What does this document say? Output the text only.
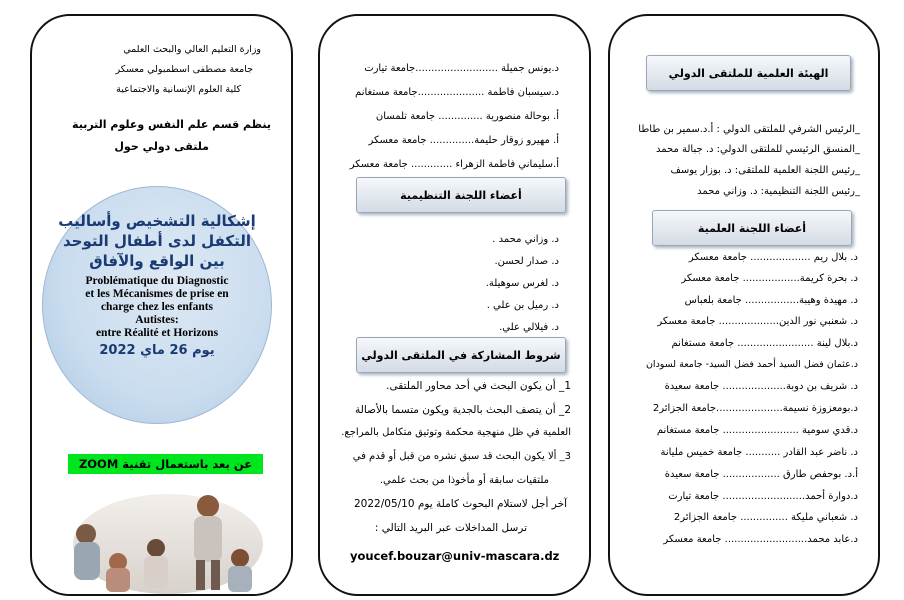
وزارة التعليم العالي والبحث العلمي
جامعة مصطفى اسطمبولي معسكر
كلية العلوم الإنسانية والاجتماعية
ينظم قسم علم النفس وعلوم التربية
ملتقى دولي حول
إشكالية التشخيص وأساليب
التكفل لدى أطفال التوحد
بين الواقع والآفاق
Problématique du Diagnostic
et les Mécanismes de prise en
charge chez les enfants
Autistes:
entre Réalité et Horizons
يوم 26 ماي 2022
عن بعد باستعمال تقنية ZOOM
د.يونس جميلة ..........................جامعة تيارت
د.سيسبان فاطمة .....................جامعة مستغانم
أ. بوحالة منصورية .............. جامعة تلمسان
أ. مهيرو زوقار حليمة.............. جامعة معسكر
أ.سليماني فاطمة الزهراء ............. جامعة معسكر
أعضاء اللجنة التنظيمية
د. وزاني محمد .
د. صدار لحسن.
د. لغرس سوهيلة.
د. رميل بن علي .
د. فيلالي علي.
شروط المشاركة في الملتقى الدولي
1_ أن يكون البحث في أحد محاور الملتقى.
2_ أن يتصف البحث بالجدية ويكون متسما بالأصالة
العلمية في ظل منهجية محكمة وتوثيق متكامل بالمراجع.
3_ ألا يكون البحث قد سبق نشره من قبل أو قدم في
ملتقيات سابقة أو مأخوذا من بحث علمي.
آخر أجل لاستلام البحوث كاملة يوم 2022/05/10
ترسل المداخلات عبر البريد التالي :
youcef.bouzar@univ-mascara.dz
الهيئة العلمية للملتقى الدولي
_الرئيس الشرفي للملتقى الدولي : أ.د.سمير بن طاطا
_المنسق الرئيسي للملتقى الدولي: د. جبالة محمد
_رئيس اللجنة العلمية للملتقى: د. بوزار يوسف
_رئيس اللجنة التنظيمية: د. وزاني محمد
أعضاء اللجنة العلمية
د. بلال ريم ................... جامعة معسكر
د. بحرة كريمة.................. جامعة معسكر
د. مهيدة وهيبة................. جامعة بلعباس
د. شعنبي نور الدين................... جامعة معسكر
د.بلال لينة ........................ جامعة مستغانم
د.عثمان فضل السيد أحمد فضل السيد- جامعة لسودان
د. شريف بن دوبة.................... جامعة سعيدة
د.بومعزوزة نسيمة.....................جامعة الجزائر2
د.قدي سومية ........................ جامعة مستغانم
د. ناضر عبد القادر ........... جامعة خميس مليانة
أ.د. بوحفص طارق .................. جامعة سعيدة
د.دوارة أحمد.......................... جامعة تيارت
د. شعباني مليكة ............... جامعة الجزائر2
د.عابد محمد.......................... جامعة معسكر
